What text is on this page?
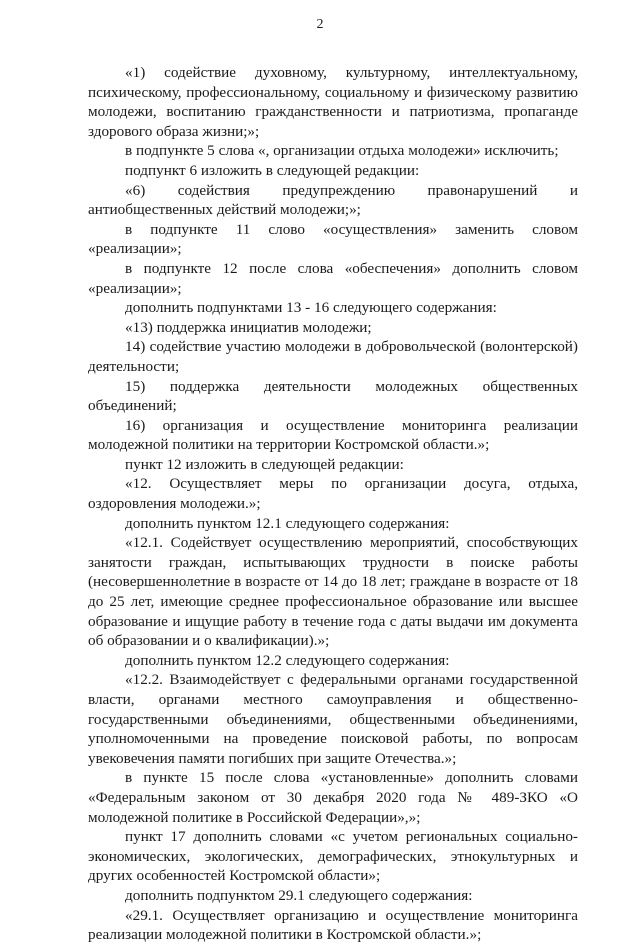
2

«1) содействие духовному, культурному, интеллектуальному, психическому, профессиональному, социальному и физическому развитию молодежи, воспитанию гражданственности и патриотизма, пропаганде здорового образа жизни;»;

в подпункте 5 слова «, организации отдыха молодежи» исключить;

подпункт 6 изложить в следующей редакции:

«6) содействия предупреждению правонарушений и антиобщественных действий молодежи;»;

в подпункте 11 слово «осуществления» заменить словом «реализации»;

в подпункте 12 после слова «обеспечения» дополнить словом «реализации»;

дополнить подпунктами 13 - 16 следующего содержания:

«13) поддержка инициатив молодежи;

14) содействие участию молодежи в добровольческой (волонтерской) деятельности;

15) поддержка деятельности молодежных общественных объединений;

16) организация и осуществление мониторинга реализации молодежной политики на территории Костромской области.»;

пункт 12 изложить в следующей редакции:

«12. Осуществляет меры по организации досуга, отдыха, оздоровления молодежи.»;

дополнить пунктом 12.1 следующего содержания:

«12.1. Содействует осуществлению мероприятий, способствующих занятости граждан, испытывающих трудности в поиске работы (несовершеннолетние в возрасте от 14 до 18 лет; граждане в возрасте от 18 до 25 лет, имеющие среднее профессиональное образование или высшее образование и ищущие работу в течение года с даты выдачи им документа об образовании и о квалификации).»;

дополнить пунктом 12.2 следующего содержания:

«12.2. Взаимодействует с федеральными органами государственной власти, органами местного самоуправления и общественно-государственными объединениями, общественными объединениями, уполномоченными на проведение поисковой работы, по вопросам увековечения памяти погибших при защите Отечества.»;

в пункте 15 после слова «установленные» дополнить словами «Федеральным законом от 30 декабря 2020 года № 489-ЗКО «О молодежной политике в Российской Федерации»,»;

пункт 17 дополнить словами «с учетом региональных социально-экономических, экологических, демографических, этнокультурных и других особенностей Костромской области»;

дополнить подпунктом 29.1 следующего содержания:

«29.1. Осуществляет организацию и осуществление мониторинга реализации молодежной политики в Костромской области.»;
